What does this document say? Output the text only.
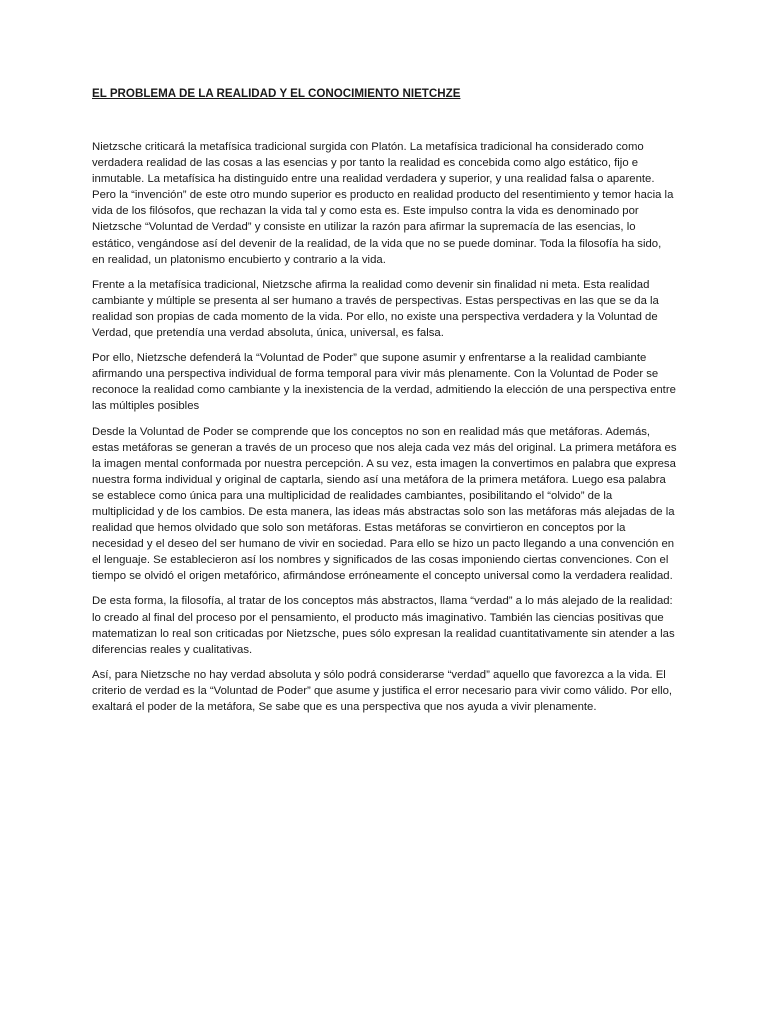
EL PROBLEMA DE LA REALIDAD Y EL CONOCIMIENTO NIETCHZE

Nietzsche criticará la metafísica tradicional surgida con Platón. La metafísica tradicional ha considerado como verdadera realidad de las cosas a las esencias y por tanto la realidad es concebida como algo estático, fijo e inmutable. La metafísica ha distinguido entre una realidad verdadera y superior, y una realidad falsa o aparente. Pero la “invención” de este otro mundo superior es producto en realidad producto del resentimiento y temor hacia la vida de los filósofos, que rechazan la vida tal y como esta es. Este impulso contra la vida es denominado por Nietzsche “Voluntad de Verdad” y consiste en utilizar la razón para afirmar la supremacía de las esencias, lo estático, vengándose así del devenir de la realidad, de la vida que no se puede dominar. Toda la filosofía ha sido, en realidad, un platonismo encubierto y contrario a la vida.

Frente a la metafísica tradicional, Nietzsche afirma la realidad como devenir sin finalidad ni meta. Esta realidad cambiante y múltiple se presenta al ser humano a través de perspectivas. Estas perspectivas en las que se da la realidad son propias de cada momento de la vida. Por ello, no existe una perspectiva verdadera y la Voluntad de Verdad, que pretendía una verdad absoluta, única, universal, es falsa.

Por ello, Nietzsche defenderá la “Voluntad de Poder” que supone asumir y enfrentarse a la realidad cambiante afirmando una perspectiva individual de forma temporal para vivir más plenamente. Con la Voluntad de Poder se reconoce la realidad como cambiante y la inexistencia de la verdad, admitiendo la elección de una perspectiva entre las múltiples posibles

Desde la Voluntad de Poder se comprende que los conceptos no son en realidad más que metáforas. Además, estas metáforas se generan a través de un proceso que nos aleja cada vez más del original. La primera metáfora es la imagen mental conformada por nuestra percepción. A su vez, esta imagen la convertimos en palabra que expresa nuestra forma individual y original de captarla, siendo así una metáfora de la primera metáfora. Luego esa palabra se establece como única para una multiplicidad de realidades cambiantes, posibilitando el “olvido” de la multiplicidad y de los cambios. De esta manera, las ideas más abstractas solo son las metáforas más alejadas de la realidad que hemos olvidado que solo son metáforas. Estas metáforas se convirtieron en conceptos por la necesidad y el deseo del ser humano de vivir en sociedad. Para ello se hizo un pacto llegando a una convención en el lenguaje. Se establecieron así los nombres y significados de las cosas imponiendo ciertas convenciones. Con el tiempo se olvidó el origen metafórico, afirmándose erróneamente el concepto universal como la verdadera realidad.

De esta forma, la filosofía, al tratar de los conceptos más abstractos, llama “verdad” a lo más alejado de la realidad: lo creado al final del proceso por el pensamiento, el producto más imaginativo. También las ciencias positivas que matematizan lo real son criticadas por Nietzsche, pues sólo expresan la realidad cuantitativamente sin atender a las diferencias reales y cualitativas.

Así, para Nietzsche no hay verdad absoluta y sólo podrá considerarse “verdad” aquello que favorezca a la vida. El criterio de verdad es la “Voluntad de Poder” que asume y justifica el error necesario para vivir como válido. Por ello, exaltará el poder de la metáfora, Se sabe que es una perspectiva que nos ayuda a vivir plenamente.
